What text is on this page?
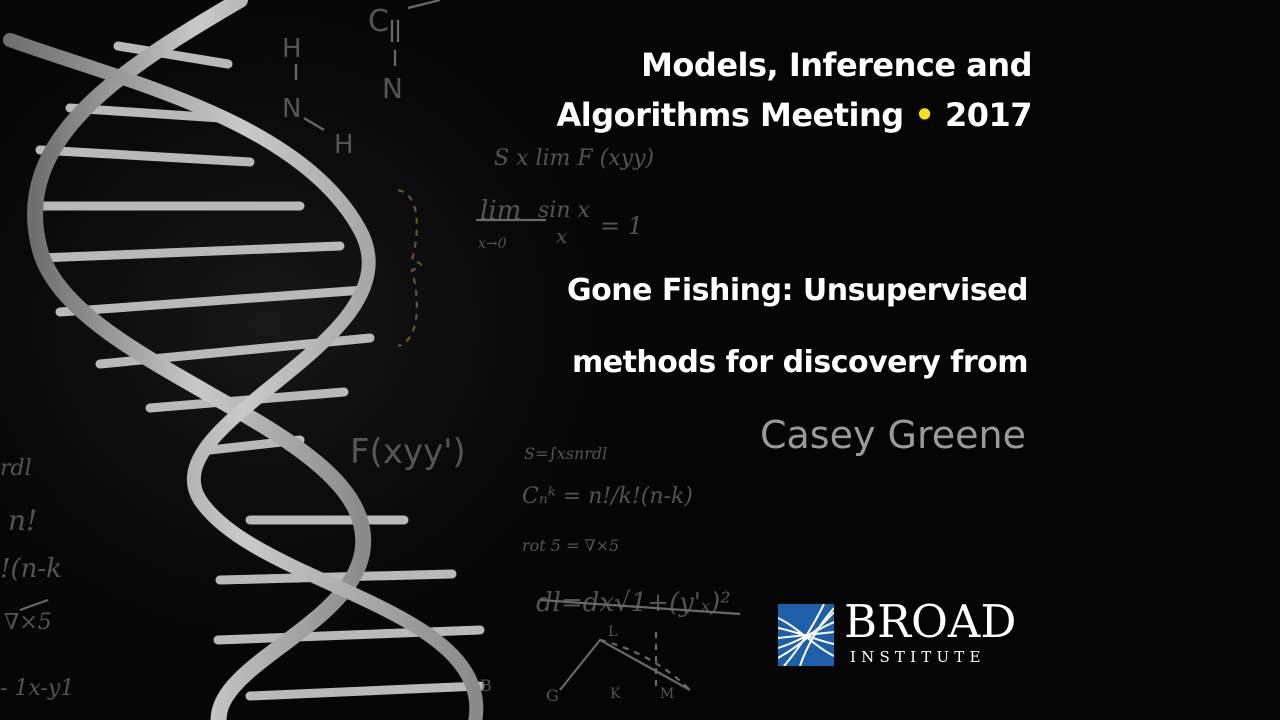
C
N
H
N
H	S x lim F (xyy)
lim sin x
x = 1
x→0
F(xyy')	S=∫xsnrdl
Cₙᵏ = n!/k!(n-k)
rot 5 = ∇×5
dl=dx√1+(y'ₓ)²
rdl
n!
!(n-k
∇×5
- 1x-y1	B
G	K	M
L
Models, Inference and
Algorithms Meeting • 2017
Gone Fishing: Unsupervised
methods for discovery from
Casey Greene
BROAD
INSTITUTE
